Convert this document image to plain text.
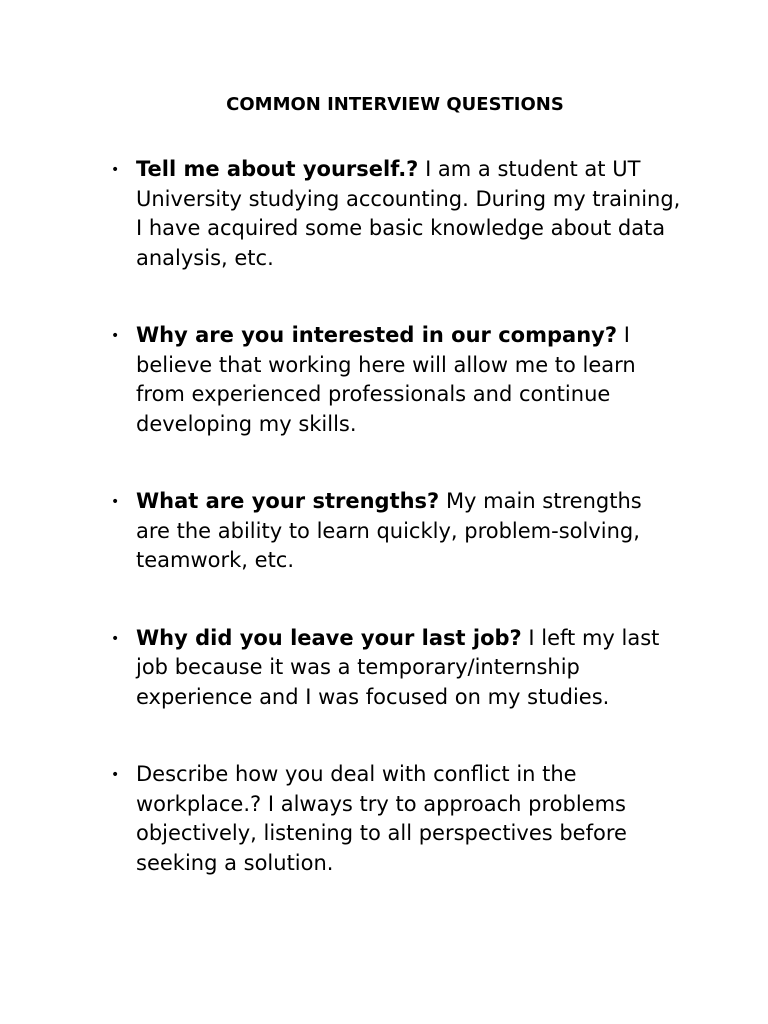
COMMON INTERVIEW QUESTIONS
• Tell me about yourself.? I am a student at UT University studying accounting. During my training, I have acquired some basic knowledge about data analysis, etc.
• Why are you interested in our company? I believe that working here will allow me to learn from experienced professionals and continue developing my skills.
• What are your strengths? My main strengths are the ability to learn quickly, problem-solving, teamwork, etc.
• Why did you leave your last job? I left my last job because it was a temporary/internship experience and I was focused on my studies.
• Describe how you deal with conflict in the workplace.? I always try to approach problems objectively, listening to all perspectives before seeking a solution.
